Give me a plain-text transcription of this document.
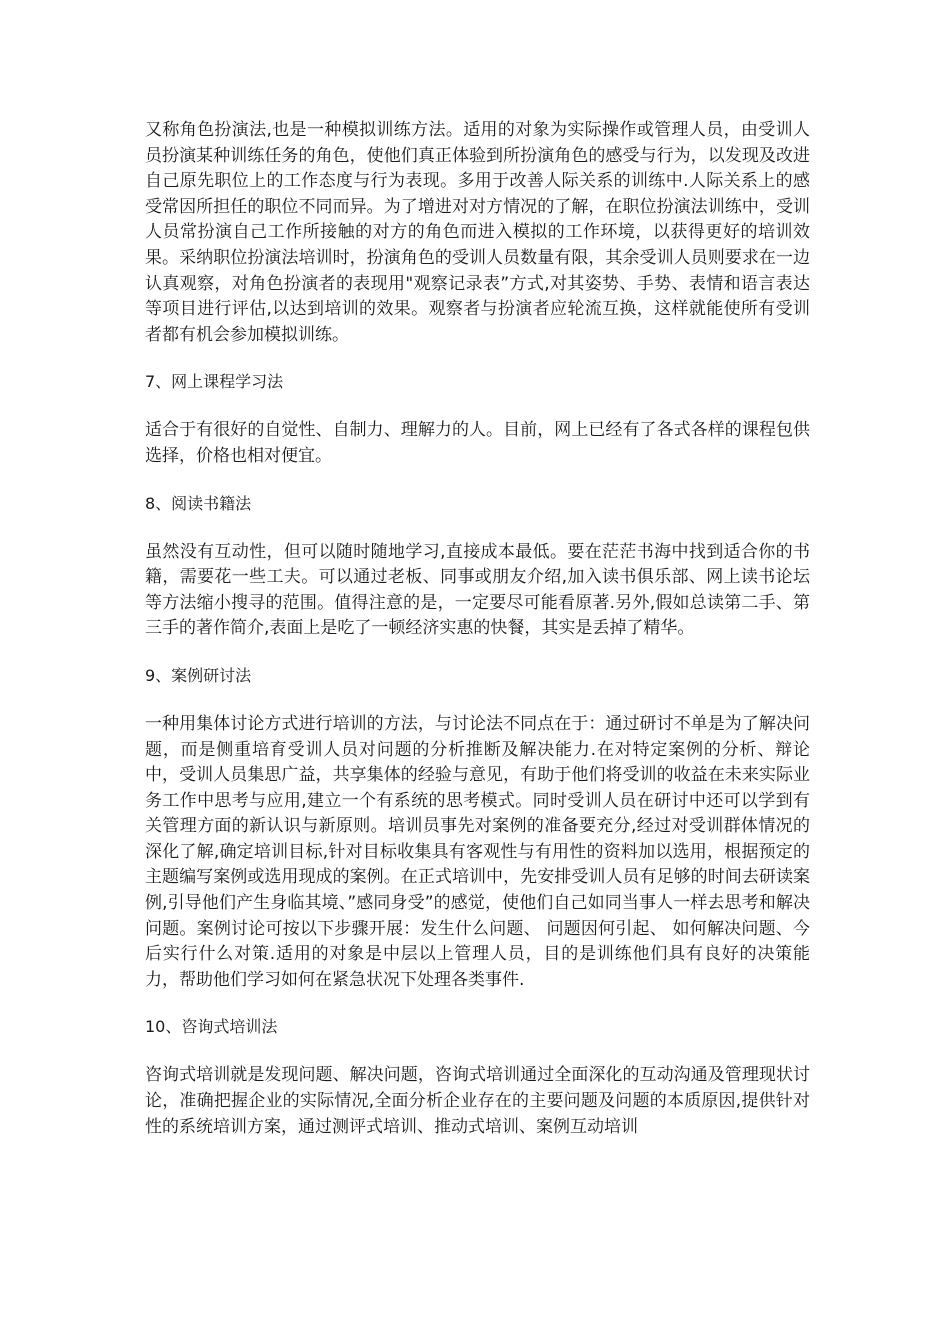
又称角色扮演法,也是一种模拟训练方法。适用的对象为实际操作或管理人员，由受训人员扮演某种训练任务的角色，使他们真正体验到所扮演角色的感受与行为，以发现及改进自己原先职位上的工作态度与行为表现。多用于改善人际关系的训练中.人际关系上的感受常因所担任的职位不同而异。为了增进对对方情况的了解，在职位扮演法训练中，受训人员常扮演自己工作所接触的对方的角色而进入模拟的工作环境，以获得更好的培训效果。采纳职位扮演法培训时，扮演角色的受训人员数量有限，其余受训人员则要求在一边认真观察，对角色扮演者的表现用"观察记录表”方式,对其姿势、手势、表情和语言表达等项目进行评估,以达到培训的效果。观察者与扮演者应轮流互换，这样就能使所有受训者都有机会参加模拟训练。

7、网上课程学习法

适合于有很好的自觉性、自制力、理解力的人。目前，网上已经有了各式各样的课程包供选择，价格也相对便宜。

8、阅读书籍法

虽然没有互动性，但可以随时随地学习,直接成本最低。要在茫茫书海中找到适合你的书籍，需要花一些工夫。可以通过老板、同事或朋友介绍,加入读书俱乐部、网上读书论坛等方法缩小搜寻的范围。值得注意的是，一定要尽可能看原著.另外,假如总读第二手、第三手的著作简介,表面上是吃了一顿经济实惠的快餐，其实是丢掉了精华。

9、案例研讨法

一种用集体讨论方式进行培训的方法，与讨论法不同点在于：通过研讨不单是为了解决问题，而是侧重培育受训人员对问题的分析推断及解决能力.在对特定案例的分析、辩论中，受训人员集思广益，共享集体的经验与意见，有助于他们将受训的收益在未来实际业务工作中思考与应用,建立一个有系统的思考模式。同时受训人员在研讨中还可以学到有关管理方面的新认识与新原则。培训员事先对案例的准备要充分,经过对受训群体情况的深化了解,确定培训目标,针对目标收集具有客观性与有用性的资料加以选用，根据预定的主题编写案例或选用现成的案例。在正式培训中，先安排受训人员有足够的时间去研读案例,引导他们产生身临其境、”感同身受”的感觉，使他们自己如同当事人一样去思考和解决问题。案例讨论可按以下步骤开展：发生什么问题、 问题因何引起、 如何解决问题、今后实行什么对策.适用的对象是中层以上管理人员，目的是训练他们具有良好的决策能力，帮助他们学习如何在紧急状况下处理各类事件.

10、咨询式培训法

咨询式培训就是发现问题、解决问题，咨询式培训通过全面深化的互动沟通及管理现状讨论，准确把握企业的实际情况,全面分析企业存在的主要问题及问题的本质原因,提供针对性的系统培训方案，通过测评式培训、推动式培训、案例互动培训
